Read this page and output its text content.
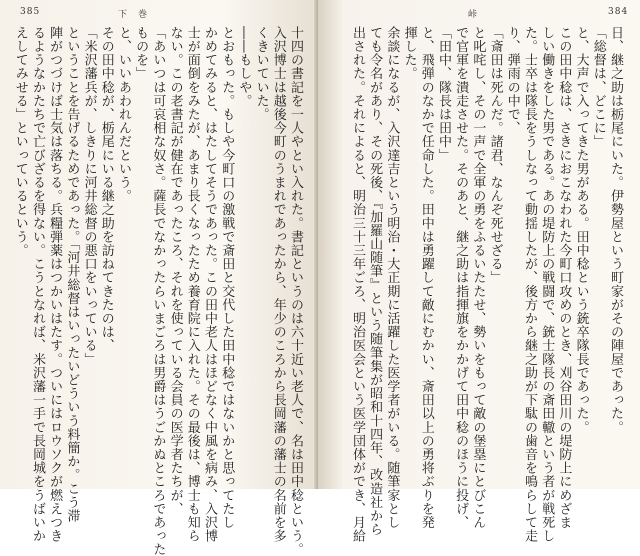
385	下　巻

十四の書記を一人やとい入れた。書記というのは六十近い老人で、名は田中稔という。

入沢博士は越後今町のうまれであったから、年少のころから長岡藩の藩士の名前を多

くきいていた。

――もしや。

とおもった。もしや今町口の激戦で斎田と交代した田中稔ではないかと思ってたし

かめてみると、はたしてそうであった。この田中老人はほどなく中風を病み、入沢博

士が面倒をみたが、あまり長くなったため養育院に入れた。その最後は、博士も知ら

ない。この老書記が健在であったころ、それを使っている会員の医学者たちが、

「あいつは可哀相な奴さ。薩長でなかったらいまごろは男爵はうごかぬところであった

ものを」

と、いいあわれんだという。

その田中稔が、栃尾にいる継之助を訪ねてきたのは、

「米沢藩兵が、しきりに河井総督の悪口をいっている」

ということを告げるためであった。「河井総督はいったいどういう料簡か。こう滞

陣がつづけば士気は落ちる。兵糧弾薬はつかいはたす。ついにはロウソクが燃えつき

るようなかたちで亡びざるを得ない。こうとなれば、米沢藩一手で長岡城をうばいか

えしてみせる」といっているという。

峠	384

日、継之助は栃尾にいた。伊勢屋という町家がその陣屋であった。

「総督は、どこに」

と、大声で入ってきた男がある。田中稔という銃卒隊長であった。

この田中稔は、さきにおこなわれた今町口攻めのとき、刈谷田川の堤防上にめざま

しい働きをした男である。あの堤防上の戦闘で、銃士隊長の斎田轍という者が戦死し

た。士卒は隊長をうしなって動揺したが、後方から継之助が下駄の歯音を鳴らして走

り、弾雨の中で、

「斎田は死んだ。諸君、なんぞ死せざる」

と叱咤し、その一声で全軍の勇をふるいたたせ、勢いをもって敵の堡塁にとびこん

で官軍を潰走させた。そのあと、継之助は指揮旗をかかげて田中稔のほうに投げ、

「田中、隊長は田中」

と、飛弾のなかで任命した。田中は勇躍して敵にむかい、斎田以上の勇将ぶりを発

揮した。

余談になるが、入沢達吉という明治・大正期に活躍した医学者がいる。随筆家とし

ても令名があり、その死後、『加羅山随筆』という随筆集が昭和十四年、改造社から

出された。それによると、明治三十三年ごろ、明治医会という医学団体ができ、月給
